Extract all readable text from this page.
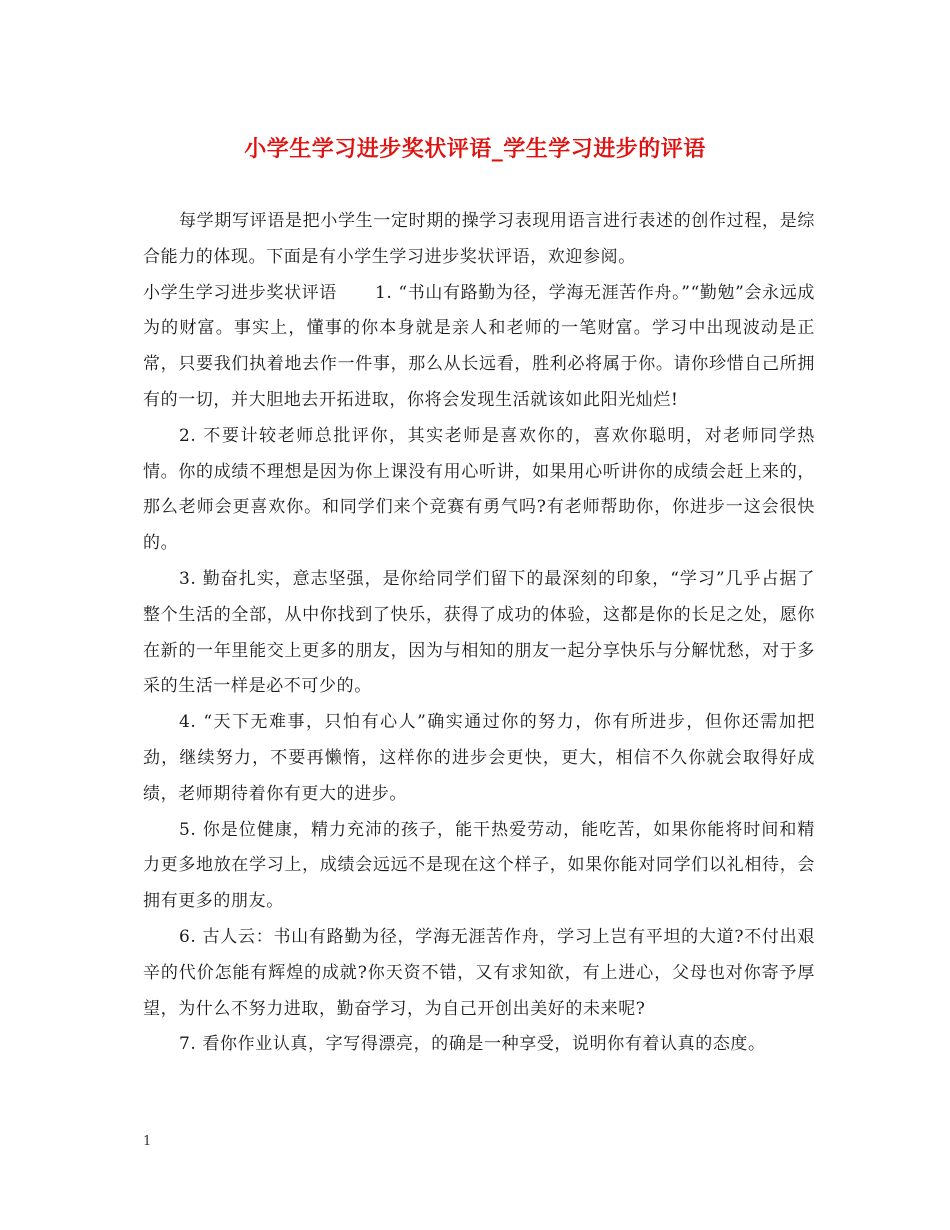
小学生学习进步奖状评语_学生学习进步的评语

每学期写评语是把小学生一定时期的操学习表现用语言进行表述的创作过程，是综合能力的体现。下面是有小学生学习进步奖状评语，欢迎参阅。

小学生学习进步奖状评语 1. “书山有路勤为径，学海无涯苦作舟。”“勤勉”会永远成为的财富。事实上，懂事的你本身就是亲人和老师的一笔财富。学习中出现波动是正常，只要我们执着地去作一件事，那么从长远看，胜利必将属于你。请你珍惜自己所拥有的一切，并大胆地去开拓进取，你将会发现生活就该如此阳光灿烂!

2. 不要计较老师总批评你，其实老师是喜欢你的，喜欢你聪明，对老师同学热情。你的成绩不理想是因为你上课没有用心听讲，如果用心听讲你的成绩会赶上来的，那么老师会更喜欢你。和同学们来个竞赛有勇气吗?有老师帮助你，你进步一这会很快的。

3. 勤奋扎实，意志坚强，是你给同学们留下的最深刻的印象，“学习”几乎占据了整个生活的全部，从中你找到了快乐，获得了成功的体验，这都是你的长足之处，愿你在新的一年里能交上更多的朋友，因为与相知的朋友一起分享快乐与分解忧愁，对于多采的生活一样是必不可少的。

4. “天下无难事，只怕有心人”确实通过你的努力，你有所进步，但你还需加把劲，继续努力，不要再懒惰，这样你的进步会更快，更大，相信不久你就会取得好成绩，老师期待着你有更大的进步。

5. 你是位健康，精力充沛的孩子，能干热爱劳动，能吃苦，如果你能将时间和精力更多地放在学习上，成绩会远远不是现在这个样子，如果你能对同学们以礼相待，会拥有更多的朋友。

6. 古人云：书山有路勤为径，学海无涯苦作舟，学习上岂有平坦的大道?不付出艰辛的代价怎能有辉煌的成就?你天资不错，又有求知欲，有上进心，父母也对你寄予厚望，为什么不努力进取，勤奋学习，为自己开创出美好的未来呢?

7. 看你作业认真，字写得漂亮，的确是一种享受，说明你有着认真的态度。

1
